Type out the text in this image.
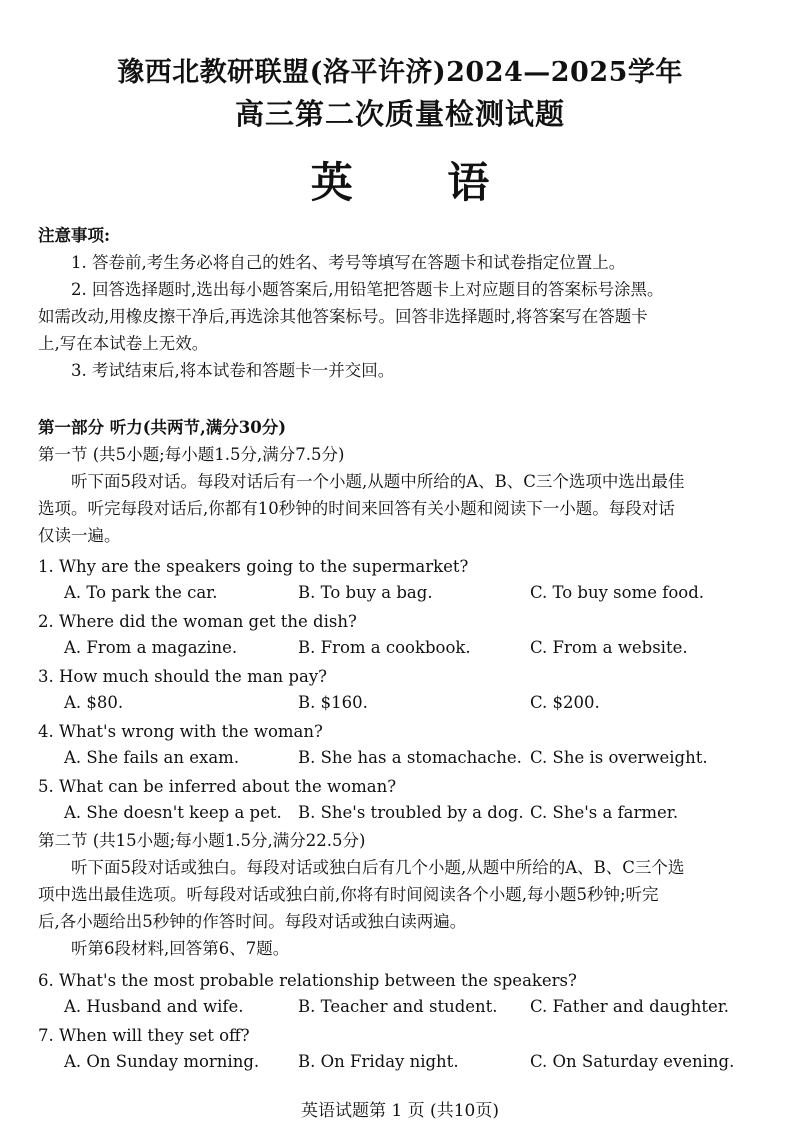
豫西北教研联盟(洛平许济)2024—2025学年
高三第二次质量检测试题
英 语

注意事项:

1. 答卷前,考生务必将自己的姓名、考号等填写在答题卡和试卷指定位置上。

2. 回答选择题时,选出每小题答案后,用铅笔把答题卡上对应题目的答案标号涂黑。

如需改动,用橡皮擦干净后,再选涂其他答案标号。回答非选择题时,将答案写在答题卡

上,写在本试卷上无效。

3. 考试结束后,将本试卷和答题卡一并交回。

第一部分 听力(共两节,满分30分)

第一节 (共5小题;每小题1.5分,满分7.5分)

听下面5段对话。每段对话后有一个小题,从题中所给的A、B、C三个选项中选出最佳

选项。听完每段对话后,你都有10秒钟的时间来回答有关小题和阅读下一小题。每段对话

仅读一遍。

1. Why are the speakers going to the supermarket?
A. To park the car.	B. To buy a bag.	C. To buy some food.
2. Where did the woman get the dish?
A. From a magazine.	B. From a cookbook.	C. From a website.
3. How much should the man pay?
A. $80.	B. $160.	C. $200.
4. What's wrong with the woman?
A. She fails an exam.	B. She has a stomachache. C. She is overweight.
5. What can be inferred about the woman?
A. She doesn't keep a pet. B. She's troubled by a dog. C. She's a farmer.

第二节 (共15小题;每小题1.5分,满分22.5分)

听下面5段对话或独白。每段对话或独白后有几个小题,从题中所给的A、B、C三个选

项中选出最佳选项。听每段对话或独白前,你将有时间阅读各个小题,每小题5秒钟;听完

后,各小题给出5秒钟的作答时间。每段对话或独白读两遍。

听第6段材料,回答第6、7题。

6. What's the most probable relationship between the speakers?
A. Husband and wife.	B. Teacher and student. C. Father and daughter.
7. When will they set off?
A. On Sunday morning. B. On Friday night.	C. On Saturday evening.
英语试题第 1 页 (共10页)
